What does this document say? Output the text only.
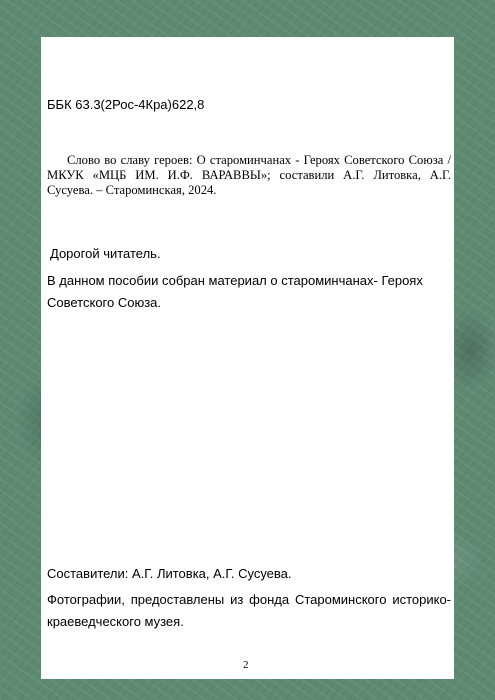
ББК 63.3(2Рос-4Кра)622,8

Слово во славу героев: О староминчанах - Героях Советского Союза / МКУК «МЦБ ИМ. И.Ф. ВАРАВВЫ»; составили А.Г. Литовка, А.Г. Сусуева. – Староминская, 2024.

Дорогой читатель.

В данном пособии собран материал о староминчанах- Героях Советского Союза.

Составители: А.Г. Литовка, А.Г. Сусуева.

Фотографии, предоставлены из фонда Староминского историко-краеведческого музея.

2
